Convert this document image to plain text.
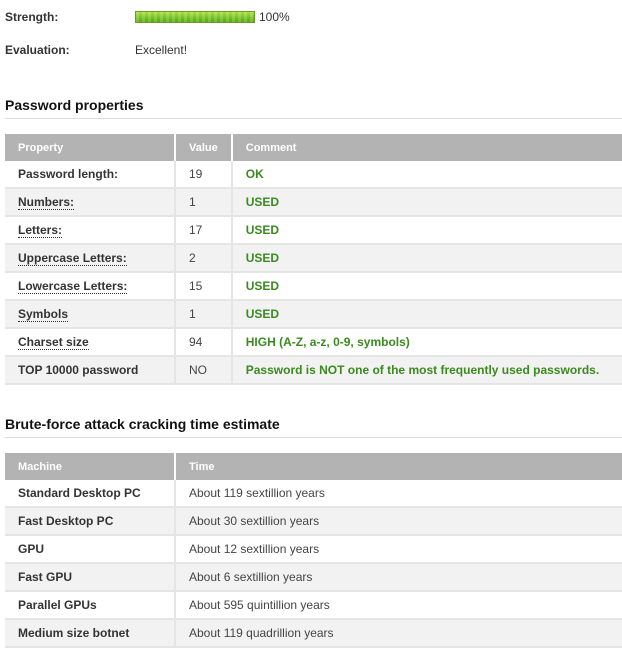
Strength:	100%
Evaluation:	Excellent!
Password properties
Property	Value	Comment
Password length:	19	OK
Numbers:	1	USED
Letters:	17	USED
Uppercase Letters:	2	USED
Lowercase Letters:	15	USED
Symbols	1	USED
Charset size	94	HIGH (A-Z, a-z, 0-9, symbols)
TOP 10000 password	NO	Password is NOT one of the most frequently used passwords.
Brute-force attack cracking time estimate
Machine	Time
Standard Desktop PC	About 119 sextillion years
Fast Desktop PC	About 30 sextillion years
GPU	About 12 sextillion years
Fast GPU	About 6 sextillion years
Parallel GPUs	About 595 quintillion years
Medium size botnet	About 119 quadrillion years
